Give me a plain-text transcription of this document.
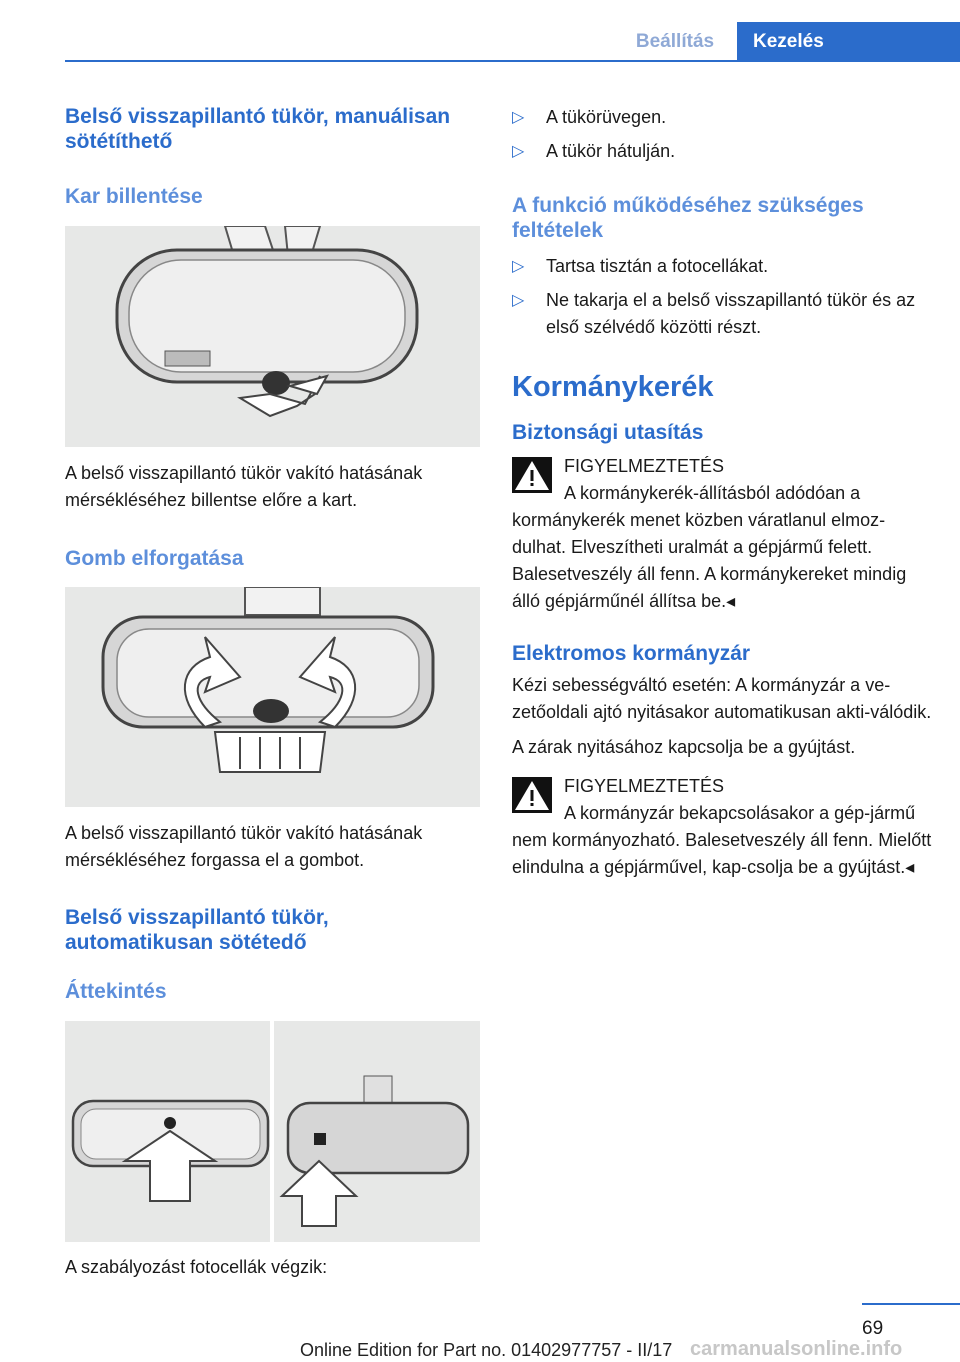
Beállítás	Kezelés
Belső visszapillantó tükör, manuálisan sötétíthető
Kar billentése

A belső visszapillantó tükör vakító hatásának mérsékléséhez billentse előre a kart.

Gomb elforgatása

A belső visszapillantó tükör vakító hatásának mérsékléséhez forgassa el a gombot.

Belső visszapillantó tükör, automatikusan sötétedő
Áttekintés

A szabályozást fotocellák végzik:

▷ A tükörüvegen.
▷ A tükör hátulján.
A funkció működéséhez szükséges feltételek
▷ Tartsa tisztán a fotocellákat.
▷ Ne takarja el a belső visszapillantó tükör és az első szélvédő közötti részt.
Kormánykerék
Biztonsági utasítás
FIGYELMEZTETÉS
A kormánykerék-állításból adódóan a kormánykerék menet közben váratlanul elmoz-dulhat. Elveszítheti uralmát a gépjármű felett. Balesetveszély áll fenn. A kormánykereket mindig álló gépjárműnél állítsa be.◂
Elektromos kormányzár

Kézi sebességváltó esetén: A kormányzár a ve-zetőoldali ajtó nyitásakor automatikusan akti-válódik.

A zárak nyitásához kapcsolja be a gyújtást.

FIGYELMEZTETÉS
A kormányzár bekapcsolásakor a gép-jármű nem kormányozható. Balesetveszély áll fenn. Mielőtt elindulna a gépjárművel, kap-csolja be a gyújtást.◂
69
Online Edition for Part no. 01402977757 - II/17 carmanualsonline.info
